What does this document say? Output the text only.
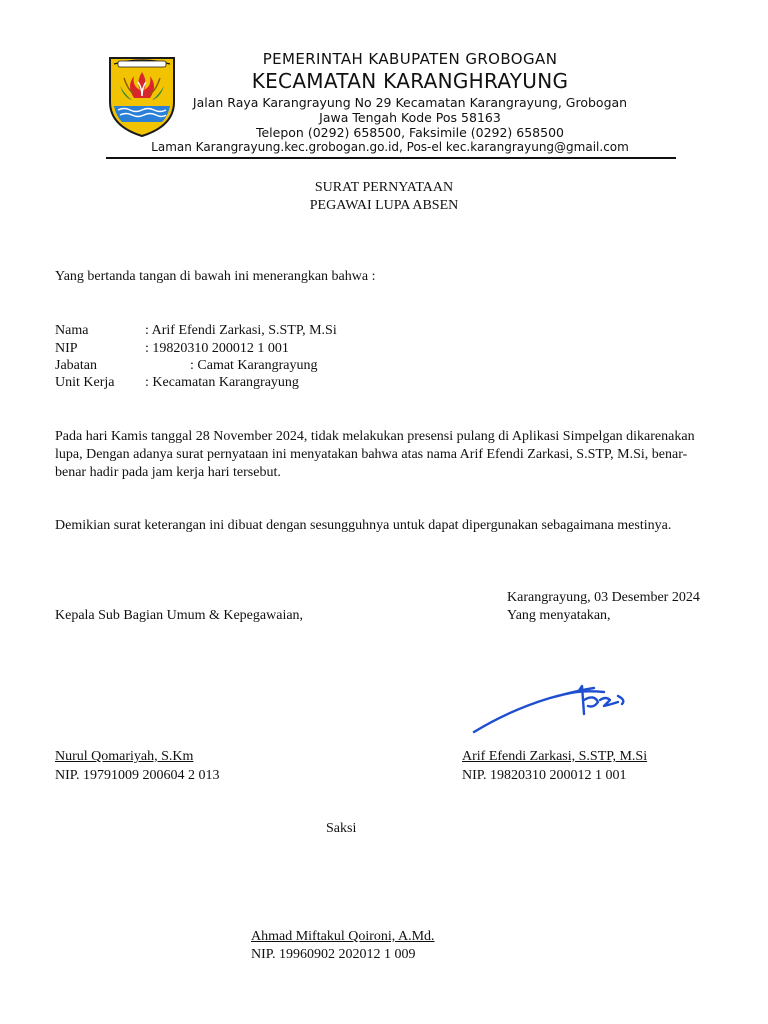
PEMERINTAH KABUPATEN GROBOGAN
KECAMATAN KARANGHRAYUNG
Jalan Raya Karangrayung No 29 Kecamatan Karangrayung, Grobogan
Jawa Tengah Kode Pos 58163
Telepon (0292) 658500, Faksimile (0292) 658500
Laman Karangrayung.kec.grobogan.go.id, Pos-el kec.karangrayung@gmail.com
SURAT PERNYATAAN
PEGAWAI LUPA ABSEN
Yang bertanda tangan di bawah ini menerangkan bahwa :
Nama	: Arif Efendi Zarkasi, S.STP, M.Si
NIP	: 19820310 200012 1 001
Jabatan	: Camat Karangrayung
Unit Kerja : Kecamatan Karangrayung
Pada hari Kamis tanggal 28 November 2024, tidak melakukan presensi pulang di Aplikasi Simpelgan dikarenakan lupa, Dengan adanya surat pernyataan ini menyatakan bahwa atas nama Arif Efendi Zarkasi, S.STP, M.Si, benar-benar hadir pada jam kerja hari tersebut.
Demikian surat keterangan ini dibuat dengan sesungguhnya untuk dapat dipergunakan sebagaimana mestinya.
Karangrayung, 03 Desember 2024
Kepala Sub Bagian Umum & Kepegawaian,	Yang menyatakan,
Nurul Qomariyah, S.Km
NIP. 19791009 200604 2 013
Arif Efendi Zarkasi, S.STP, M.Si
NIP. 19820310 200012 1 001
Saksi
Ahmad Miftakul Qoironi, A.Md.
NIP. 19960902 202012 1 009
